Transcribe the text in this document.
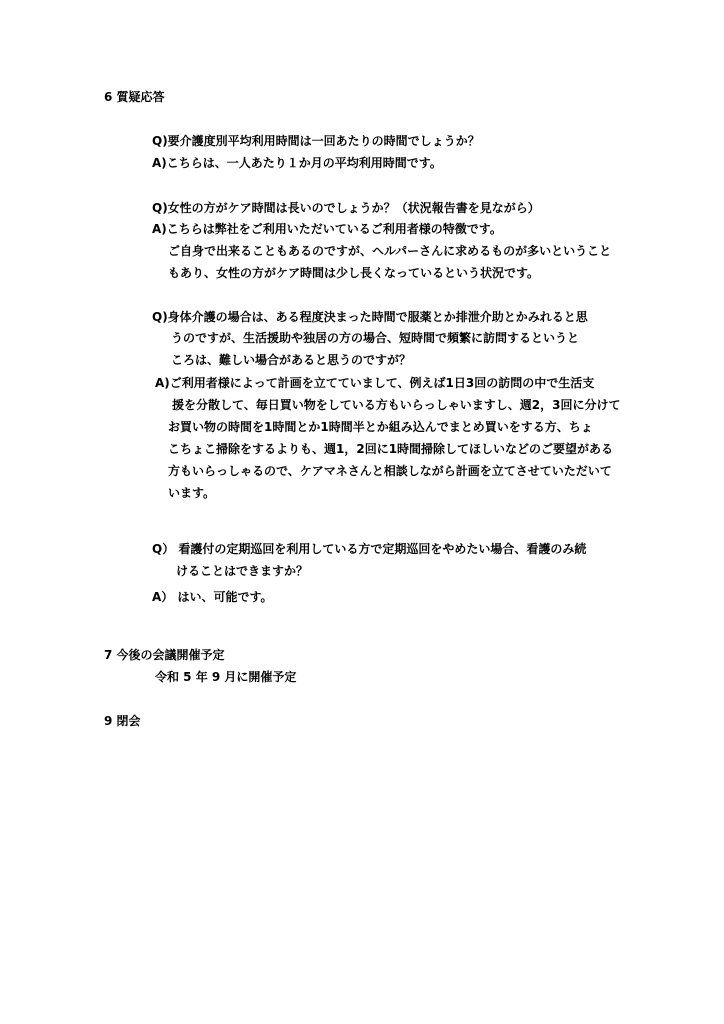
6 質疑応答
Q)要介護度別平均利用時間は一回あたりの時間でしょうか？
A)こちらは、一人あたり１か月の平均利用時間です。
Q)女性の方がケア時間は長いのでしょうか？（状況報告書を見ながら）
A)こちらは弊社をご利用いただいているご利用者様の特徴です。
ご自身で出来ることもあるのですが、ヘルパーさんに求めるものが多いということ
もあり、女性の方がケア時間は少し長くなっているという状況です。
Q)身体介護の場合は、ある程度決まった時間で服薬とか排泄介助とかみれると思
うのですが、生活援助や独居の方の場合、短時間で頻繁に訪問するというと
ころは、難しい場合があると思うのですが？
A)ご利用者様によって計画を立てていまして、例えば1日3回の訪問の中で生活支
援を分散して、毎日買い物をしている方もいらっしゃいますし、週2，3回に分けて
お買い物の時間を1時間とか1時間半とか組み込んでまとめ買いをする方、ちょ
こちょこ掃除をするよりも、週1，2回に1時間掃除してほしいなどのご要望がある
方もいらっしゃるので、ケアマネさんと相談しながら計画を立てさせていただいて
います。
Q） 看護付の定期巡回を利用している方で定期巡回をやめたい場合、看護のみ続
けることはできますか？
A） はい、可能です。
7 今後の会議開催予定
令和 5 年 9 月に開催予定
9 閉会
